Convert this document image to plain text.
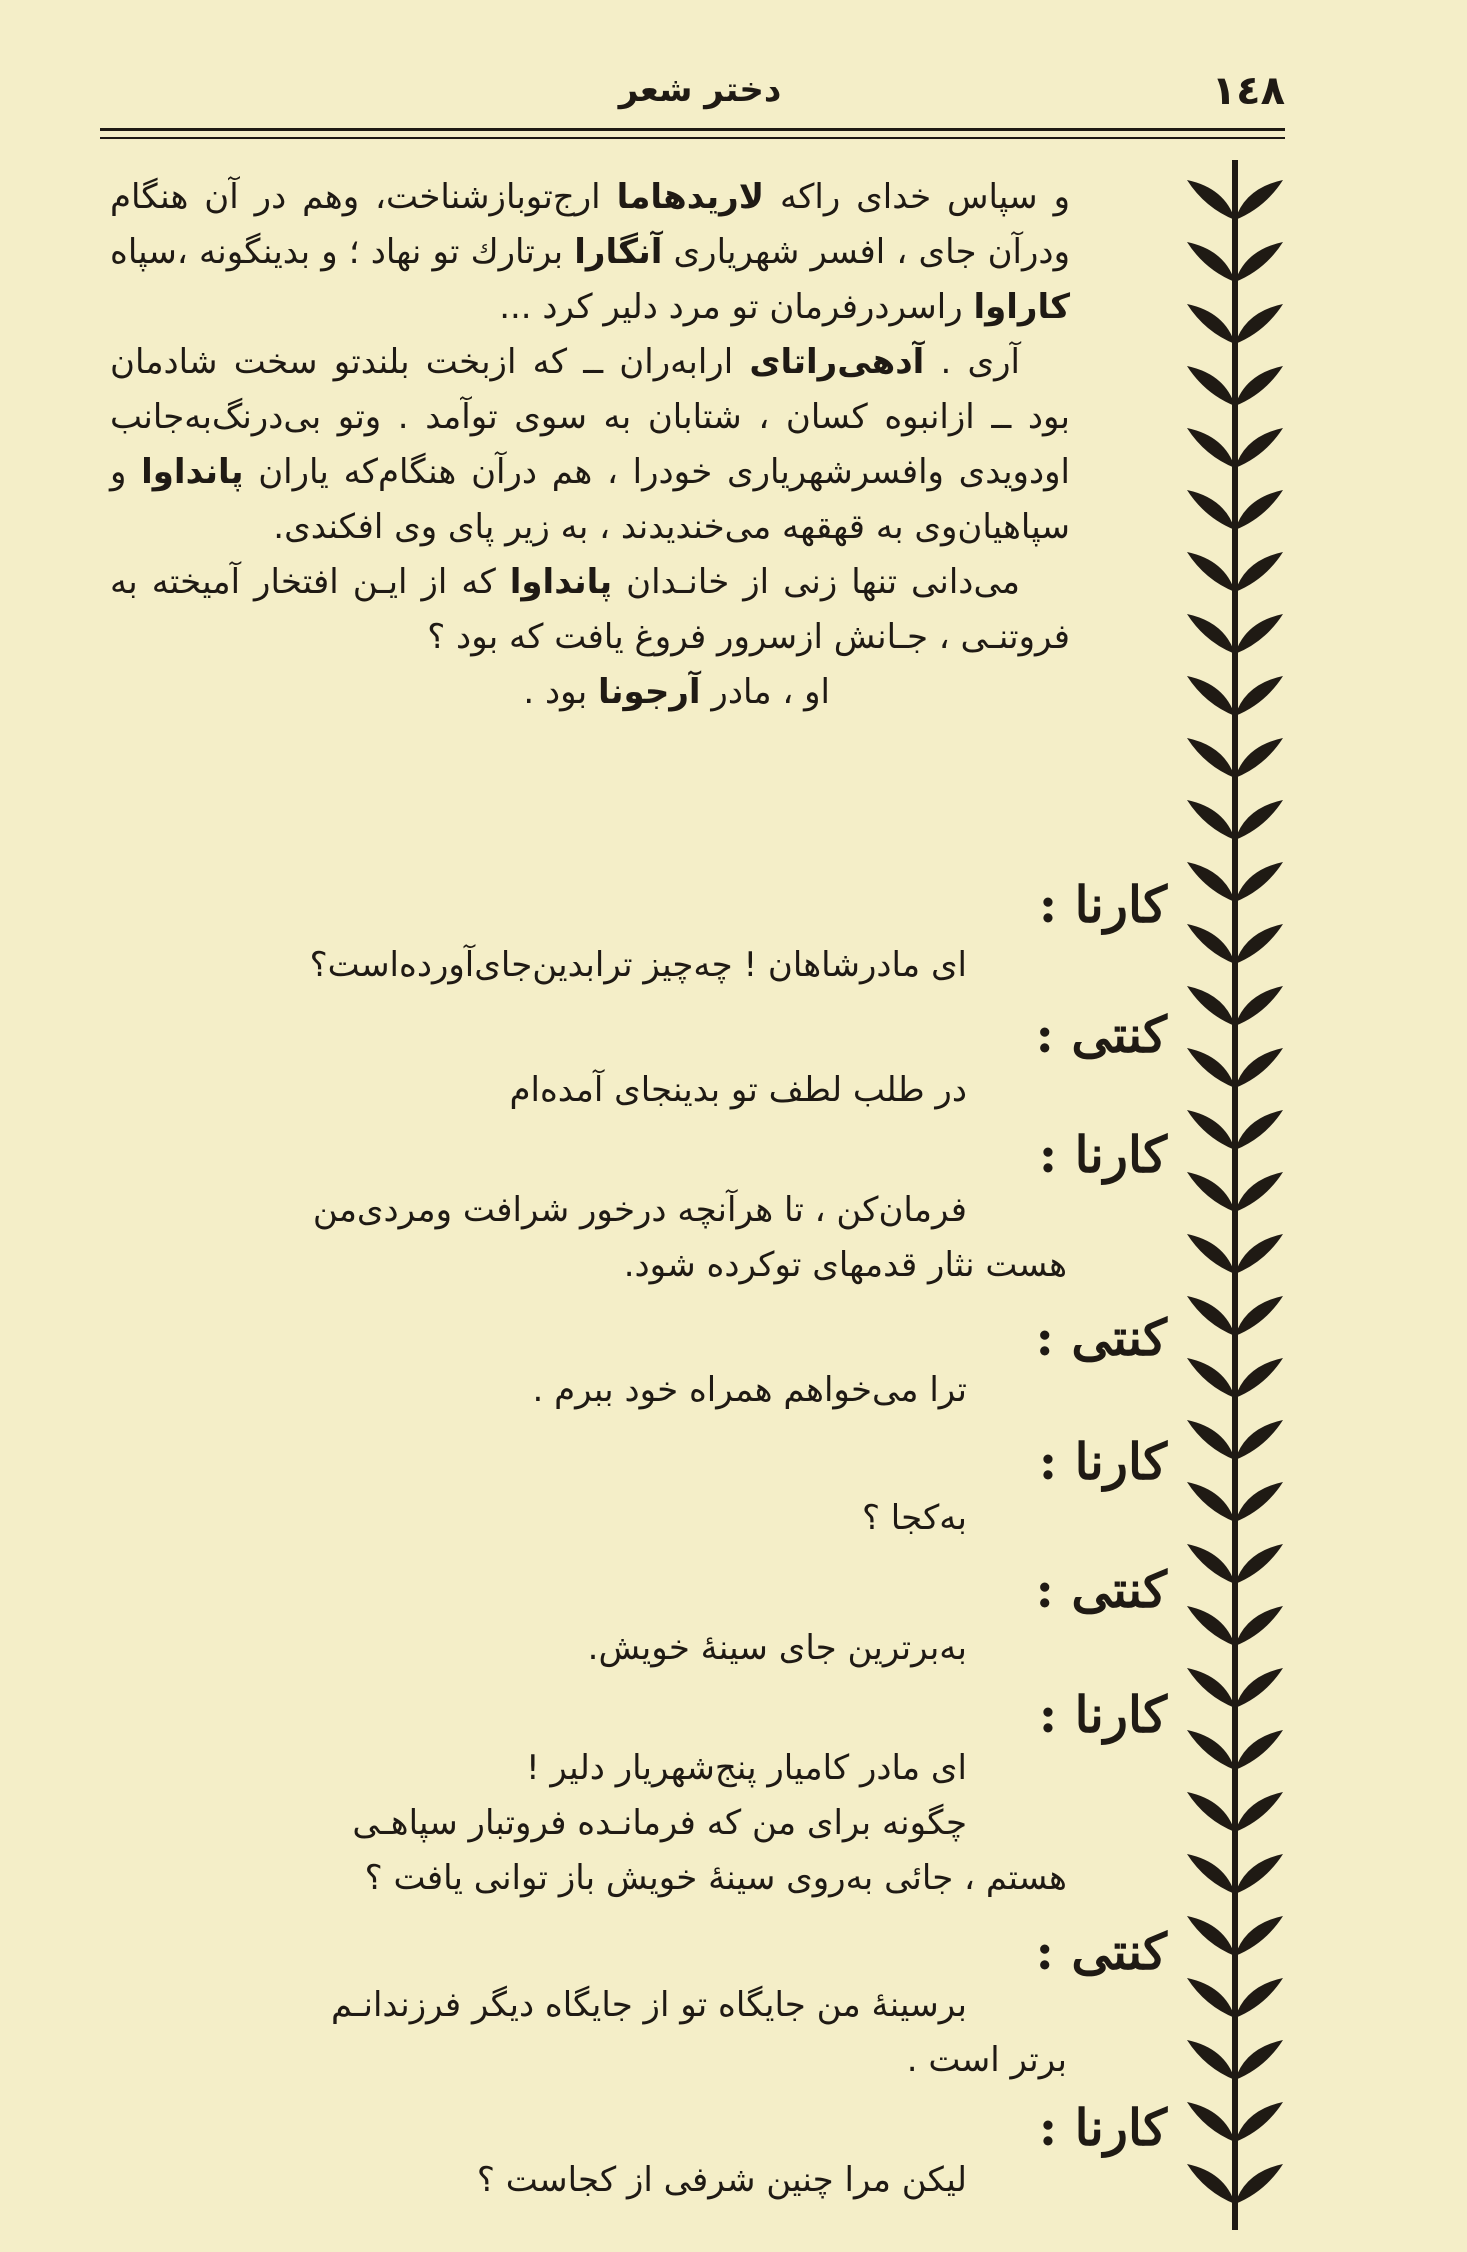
دختر شعر	١٤٨

و سپاس خدای راکه لاریدهاما ارج‌توبازشناخت، وهم در آن هنگام ودرآن جای ، افسر شهریاری آنگارا برتارك تو نهاد ؛ و بدینگونه ،سپاه کاراوا راسردرفرمان تو مرد دلیر کرد ...

آری . آدهی‌راتای ارابه‌ران ــ که ازبخت بلندتو سخت شادمان بود ــ ازانبوه کسان ، شتابان به سوی توآمد . وتو بی‌درنگ‌به‌جانب اودویدی وافسرشهریاری خودرا ، هم درآن هنگام‌که یاران پانداوا و سپاهیان‌وی به قهقهه می‌خندیدند ، به زیر پای وی افکندی.

می‌دانی تنها زنی از خانـدان پانداوا که از ایـن افتخار آمیخته به فروتنـی ، جـانش ازسرور فروغ یافت که بود ؟

او ، مادر آرجونا بود .

کارنا :
ای مادرشاهان ! چه‌چیز ترابدین‌جای‌آورده‌است؟
کنتی :
در طلب لطف تو بدینجای آمده‌ام
کارنا :
فرمان‌کن ، تا هرآنچه درخور شرافت ومردی‌من
هست نثار قدمهای توکرده شود.
کنتی :
ترا می‌خواهم همراه خود ببرم .
کارنا :
به‌کجا ؟
کنتی :
به‌برترین جای سینهٔ خویش.
کارنا :
ای مادر کامیار پنج‌شهریار دلیر !
چگونه برای من که فرمانـده فروتبار سپاهـی
هستم ، جائی به‌روی سینهٔ خویش باز توانی یافت ؟
کنتی :
برسینهٔ من جایگاه تو از جایگاه دیگر فرزندانـم
برتر است .
کارنا :
لیکن مرا چنین شرفی از کجاست ؟
